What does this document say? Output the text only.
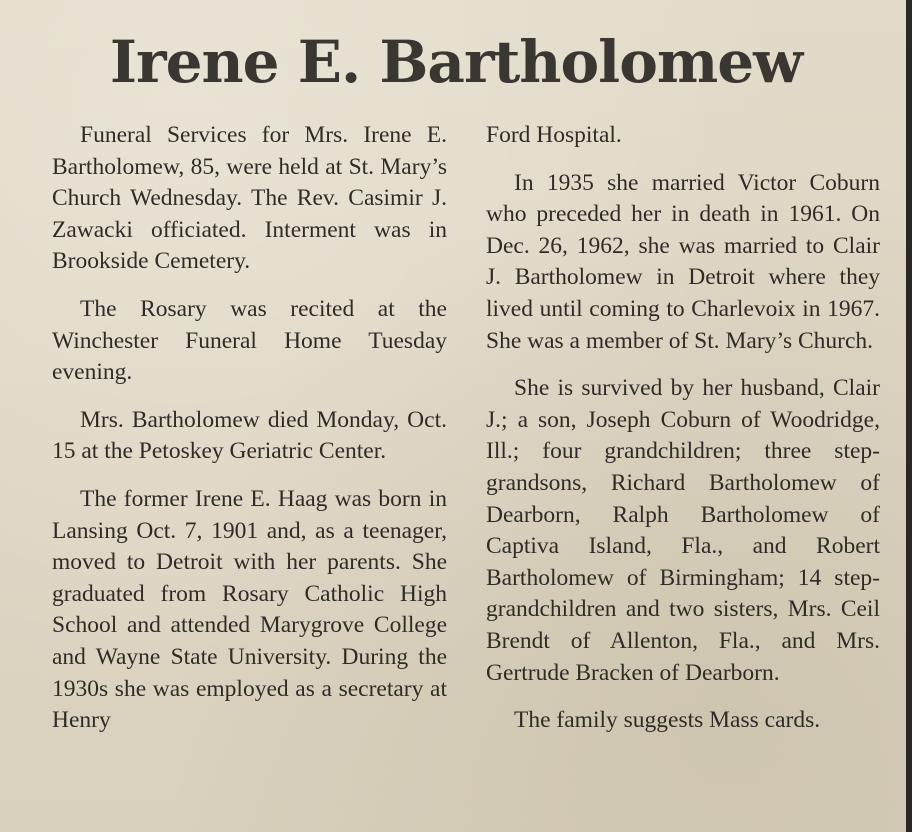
Irene E. Bartholomew

Funeral Services for Mrs. Irene E. Bartholomew, 85, were held at St. Mary’s Church Wednesday. The Rev. Casimir J. Zawacki officiated. Interment was in Brookside Cemetery.

The Rosary was recited at the Winchester Funeral Home Tuesday evening.

Mrs. Bartholomew died Monday, Oct. 15 at the Petoskey Geriatric Center.

The former Irene E. Haag was born in Lansing Oct. 7, 1901 and, as a teenager, moved to Detroit with her parents. She graduated from Rosary Catholic High School and attended Marygrove College and Wayne State University. During the 1930s she was employed as a secretary at Henry

Ford Hospital.

In 1935 she married Victor Coburn who preceded her in death in 1961. On Dec. 26, 1962, she was married to Clair J. Bartholomew in Detroit where they lived until coming to Charlevoix in 1967. She was a member of St. Mary’s Church.

She is survived by her husband, Clair J.; a son, Joseph Coburn of Woodridge, Ill.; four grandchildren; three step-grandsons, Richard Bartholomew of Dearborn, Ralph Bartholomew of Captiva Island, Fla., and Robert Bartholomew of Birmingham; 14 step-grandchildren and two sisters, Mrs. Ceil Brendt of Allenton, Fla., and Mrs. Gertrude Bracken of Dearborn.

The family suggests Mass cards.
